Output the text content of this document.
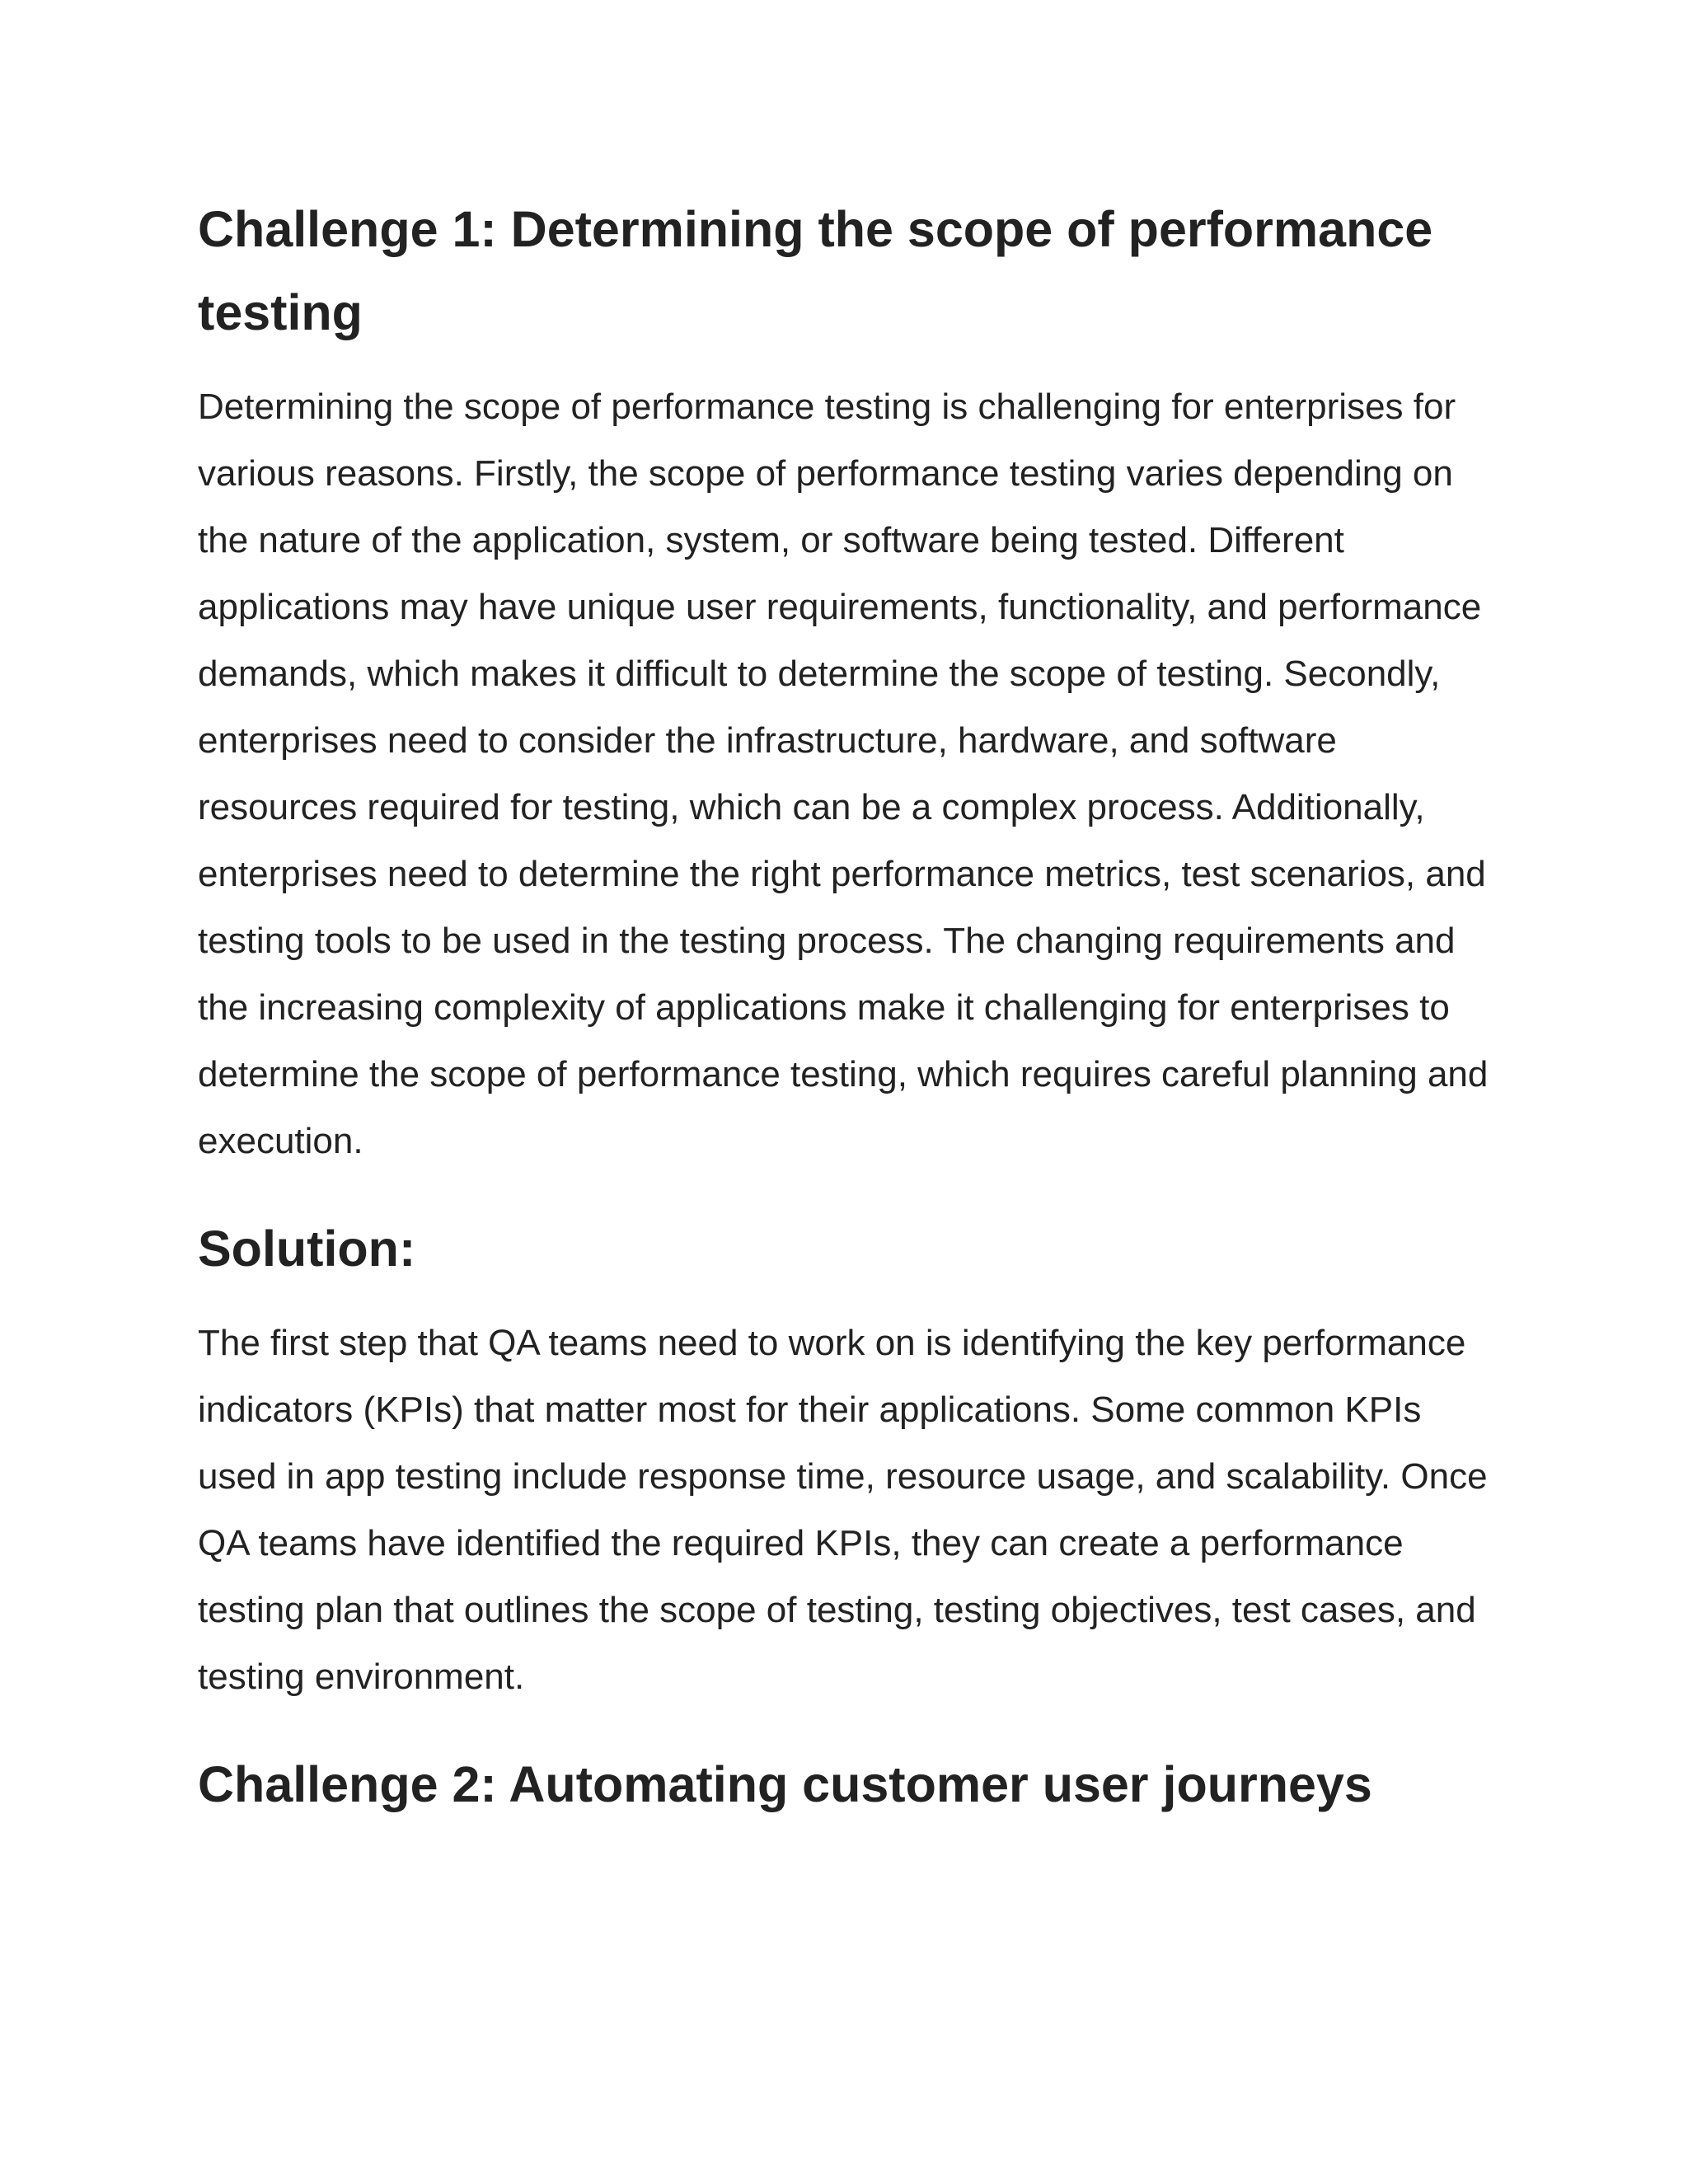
Challenge 1: Determining the scope of performance testing

Determining the scope of performance testing is challenging for enterprises for various reasons. Firstly, the scope of performance testing varies depending on the nature of the application, system, or software being tested. Different applications may have unique user requirements, functionality, and performance demands, which makes it difficult to determine the scope of testing. Secondly, enterprises need to consider the infrastructure, hardware, and software resources required for testing, which can be a complex process. Additionally, enterprises need to determine the right performance metrics, test scenarios, and testing tools to be used in the testing process. The changing requirements and the increasing complexity of applications make it challenging for enterprises to determine the scope of performance testing, which requires careful planning and execution.

Solution:

The first step that QA teams need to work on is identifying the key performance indicators (KPIs) that matter most for their applications. Some common KPIs used in app testing include response time, resource usage, and scalability. Once QA teams have identified the required KPIs, they can create a performance testing plan that outlines the scope of testing, testing objectives, test cases, and testing environment.

Challenge 2: Automating customer user journeys
